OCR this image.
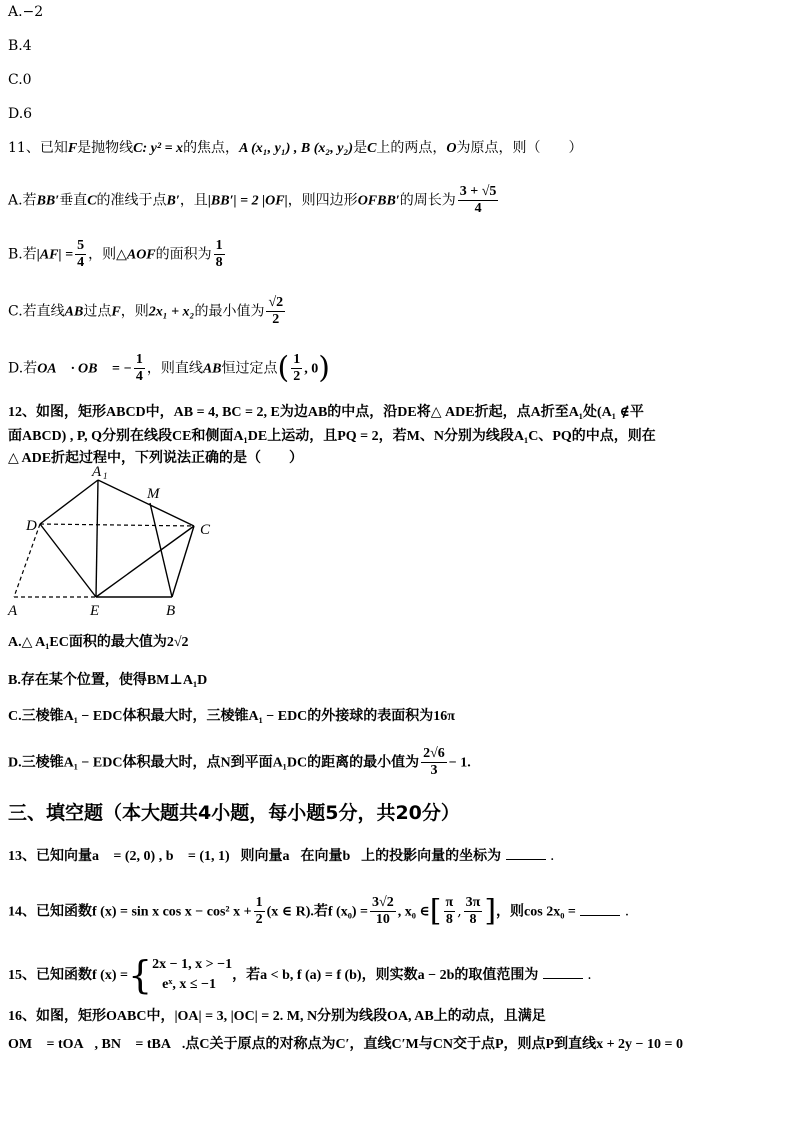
A.−2
B.4
C.0
D.6
11、已知F是抛物线C: y² = x的焦点，A (x₁, y₁) , B (x₂, y₂)是C上的两点，O为原点，则（　　）
A.若BB′垂直C的准线于点B′，且|BB′| = 2 |OF|，则四边形OFBB′的周长为 $\frac{3 + √5}{4}$
B.若$|AF| = \frac{5}{4}$ ，则△AOF的面积为 $\frac{1}{8}$
C.若直线AB过点F，则2x₁ + x₂的最小值为 $\frac{√2}{2}$
D.若OA⃗ · OB⃗ = − $\frac{1}{4}$ ，则直线AB恒过定点( $\frac{1}{2}$ , 0)
12、如图，矩形ABCD中，AB = 4, BC = 2, E为边AB的中点，沿DE将△ ADE折起，点A折至A₁处(A₁ ∉平
面ABCD) , P, Q分别在线段CE和侧面A₁DE上运动，且PQ = 2，若M、N分别为线段A₁C、PQ的中点，则在
△ ADE折起过程中，下列说法正确的是（　　）
A 1
M
D	C
A	E	B
A.△ A₁EC面积的最大值为2√2
B.存在某个位置，使得BM⊥A₁D
C.三棱锥A₁ − EDC体积最大时，三棱锥A₁ − EDC的外接球的表面积为16π
D.三棱锥A₁ − EDC体积最大时，点N到平面A₁DC的距离的最小值为 $\frac{2√6}{3} - 1$.
三、填空题（本大题共4小题，每小题5分，共20分）
13、已知向量a⃗ = (2, 0) , b⃗ = (1, 1)，则向量a⃗在向量b⃗上的投影向量的坐标为	.
14、已知函数f (x) = sin x cos x − cos² $x + \frac{1}{2} (x$ ∈ R).若f $(x_0) = \frac{3√2}{10}$ , x₀ ∈[ $\frac{\pi}{8}$ , $\frac{3\pi}{8}$ ]，则cos 2x₀ =	.
15、已知函数f (x) ={ 2x − 1, x > −1
eˣ, x ≤ −1
，若a < b, f (a) = f (b)，则实数a − 2b的取值范围为	.
16、如图，矩形OABC中，|OA| = 3, |OC| = 2. M, N分别为线段OA, AB上的动点，且满足
OM⃗ = tOA⃗, BN⃗ = tBA⃗.点C关于原点的对称点为C′，直线C′M与CN交于点P，则点P到直线x + 2y − 10 = 0
